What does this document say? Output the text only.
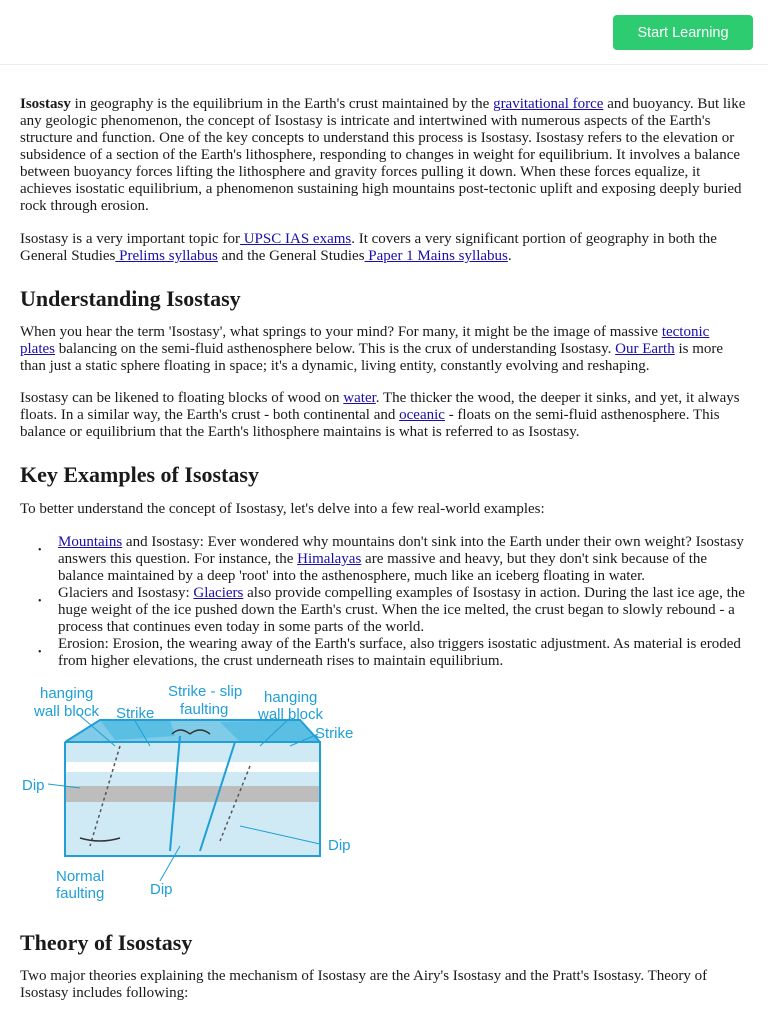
Start Learning

Isostasy in geography is the equilibrium in the Earth's crust maintained by the gravitational force and buoyancy. But like any geologic phenomenon, the concept of Isostasy is intricate and intertwined with numerous aspects of the Earth's structure and function. One of the key concepts to understand this process is Isostasy. Isostasy refers to the elevation or subsidence of a section of the Earth's lithosphere, responding to changes in weight for equilibrium. It involves a balance between buoyancy forces lifting the lithosphere and gravity forces pulling it down. When these forces equalize, it achieves isostatic equilibrium, a phenomenon sustaining high mountains post-tectonic uplift and exposing deeply buried rock through erosion.

Isostasy is a very important topic for UPSC IAS exams. It covers a very significant portion of geography in both the General Studies Prelims syllabus and the General Studies Paper 1 Mains syllabus.

Understanding Isostasy

When you hear the term 'Isostasy', what springs to your mind? For many, it might be the image of massive tectonic plates balancing on the semi-fluid asthenosphere below. This is the crux of understanding Isostasy. Our Earth is more than just a static sphere floating in space; it's a dynamic, living entity, constantly evolving and reshaping.

Isostasy can be likened to floating blocks of wood on water. The thicker the wood, the deeper it sinks, and yet, it always floats. In a similar way, the Earth's crust - both continental and oceanic - floats on the semi-fluid asthenosphere. This balance or equilibrium that the Earth's lithosphere maintains is what is referred to as Isostasy.

Key Examples of Isostasy

To better understand the concept of Isostasy, let's delve into a few real-world examples:

•
Mountains and Isostasy: Ever wondered why mountains don't sink into the Earth under their own weight? Isostasy answers this question. For instance, the Himalayas are massive and heavy, but they don't sink because of the balance maintained by a deep 'root' into the asthenosphere, much like an iceberg floating in water.
•
Glaciers and Isostasy: Glaciers also provide compelling examples of Isostasy in action. During the last ice age, the huge weight of the ice pushed down the Earth's crust. When the ice melted, the crust began to slowly rebound - a process that continues even today in some parts of the world.
•
Erosion: Erosion, the wearing away of the Earth's surface, also triggers isostatic adjustment. As material is eroded from higher elevations, the crust underneath rises to maintain equilibrium.
hanging
wall block Strike
Strike - slip
faulting
hanging
wall block
Strike
Dip
Dip
Dip
Normal
faulting
Theory of Isostasy

Two major theories explaining the mechanism of Isostasy are the Airy's Isostasy and the Pratt's Isostasy. Theory of Isostasy includes following:
